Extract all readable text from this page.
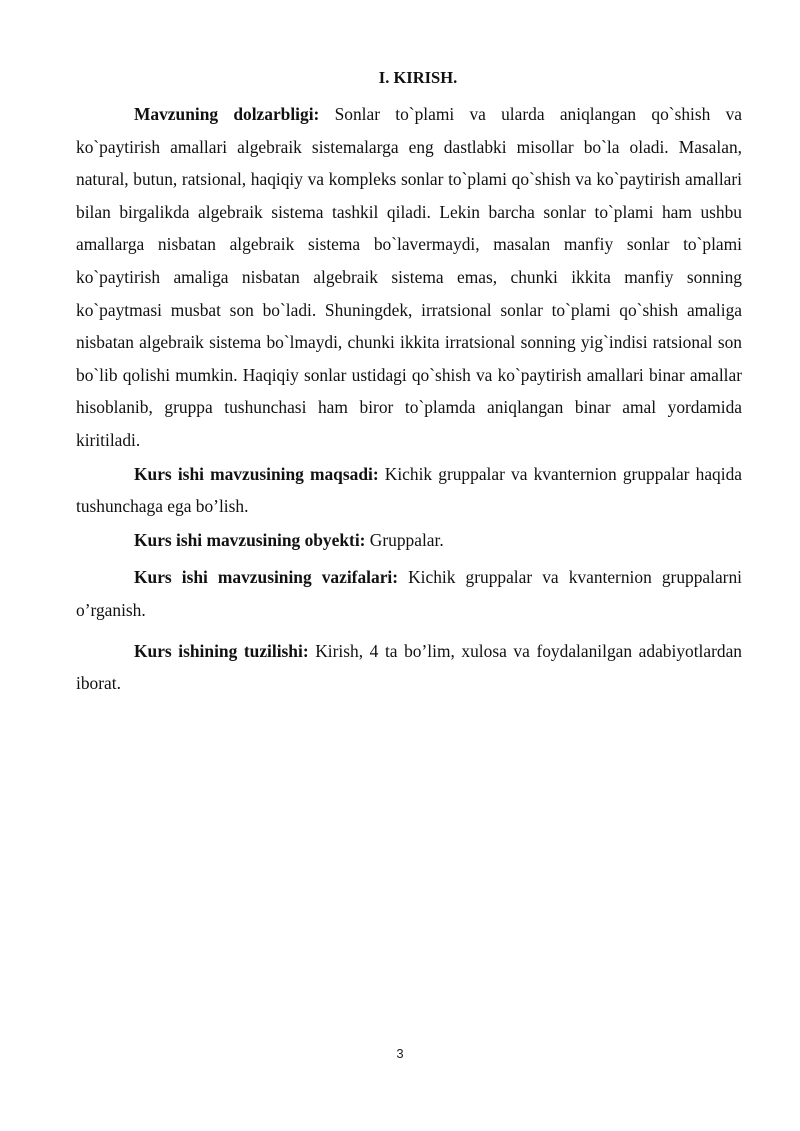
I. KIRISH.

Mavzuning dolzarbligi: Sonlar to`plami va ularda aniqlangan qo`shish va ko`paytirish amallari algebraik sistemalarga eng dastlabki misollar bo`la oladi. Masalan, natural, butun, ratsional, haqiqiy va kompleks sonlar to`plami qo`shish va ko`paytirish amallari bilan birgalikda algebraik sistema tashkil qiladi. Lekin barcha sonlar to`plami ham ushbu amallarga nisbatan algebraik sistema bo`lavermaydi, masalan manfiy sonlar to`plami ko`paytirish amaliga nisbatan algebraik sistema emas, chunki ikkita manfiy sonning ko`paytmasi musbat son bo`ladi. Shuningdek, irratsional sonlar to`plami qo`shish amaliga nisbatan algebraik sistema bo`lmaydi, chunki ikkita irratsional sonning yig`indisi ratsional son bo`lib qolishi mumkin. Haqiqiy sonlar ustidagi qo`shish va ko`paytirish amallari binar amallar hisoblanib, gruppa tushunchasi ham biror to`plamda aniqlangan binar amal yordamida kiritiladi.

Kurs ishi mavzusining maqsadi: Kichik gruppalar va kvanternion gruppalar haqida tushunchaga ega bo’lish.

Kurs ishi mavzusining obyekti: Gruppalar.

Kurs ishi mavzusining vazifalari: Kichik gruppalar va kvanternion gruppalarni o’rganish.

Kurs ishining tuzilishi: Kirish, 4 ta bo’lim, xulosa va foydalanilgan adabiyotlardan iborat.

3
